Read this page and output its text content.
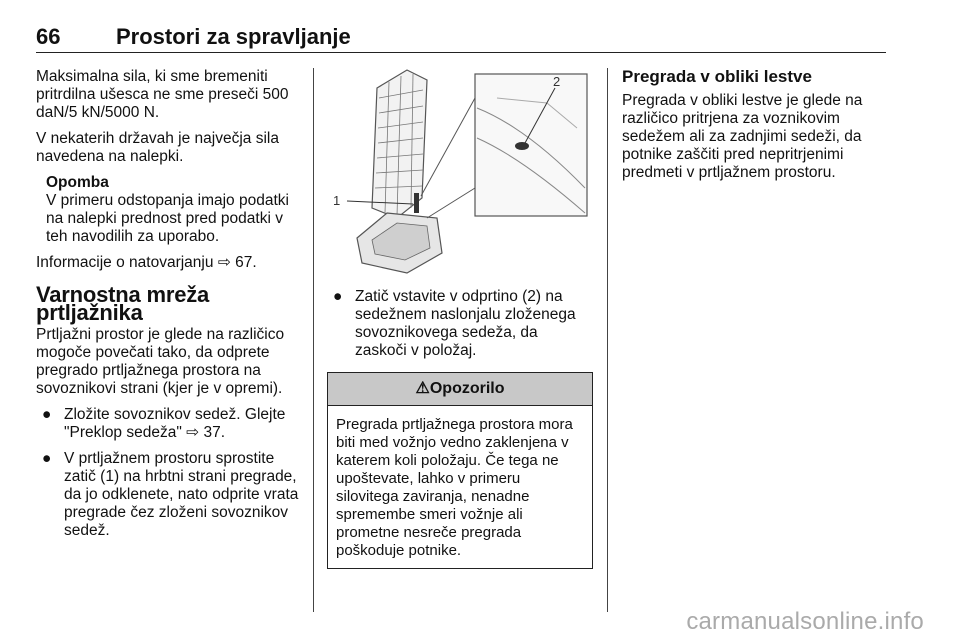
66	Prostori za spravljanje

Maksimalna sila, ki sme bremeniti pritrdilna ušesca ne sme preseči 500 daN/5 kN/5000 N.

V nekaterih državah je največja sila navedena na nalepki.

Opomba
V primeru odstopanja imajo podatki na nalepki prednost pred podatki v teh navodilih za uporabo.

Informacije o natovarjanju ⇨ 67.

Varnostna mreža prtljažnika

Prtljažni prostor je glede na različico mogoče povečati tako, da odprete pregrado prtljažnega prostora na sovoznikovi strani (kjer je v opremi).

● Zložite sovoznikov sedež. Glejte "Preklop sedeža" ⇨ 37.
● V prtljažnem prostoru sprostite zatič (1) na hrbtni strani pregrade, da jo odklenete, nato odprite vrata pregrade čez zloženi sovoznikov sedež.
1
2
● Zatič vstavite v odprtino (2) na sedežnem naslonjalu zloženega sovoznikovega sedeža, da zaskoči v položaj.
⚠Opozorilo
Pregrada prtljažnega prostora mora biti med vožnjo vedno zaklenjena v katerem koli položaju. Če tega ne upoštevate, lahko v primeru silovitega zaviranja, nenadne spremembe smeri vožnje ali prometne nesreče pregrada poškoduje potnike.
Pregrada v obliki lestve

Pregrada v obliki lestve je glede na različico pritrjena za voznikovim sedežem ali za zadnjimi sedeži, da potnike zaščiti pred nepritrjenimi predmeti v prtljažnem prostoru.

carmanualsonline.info
